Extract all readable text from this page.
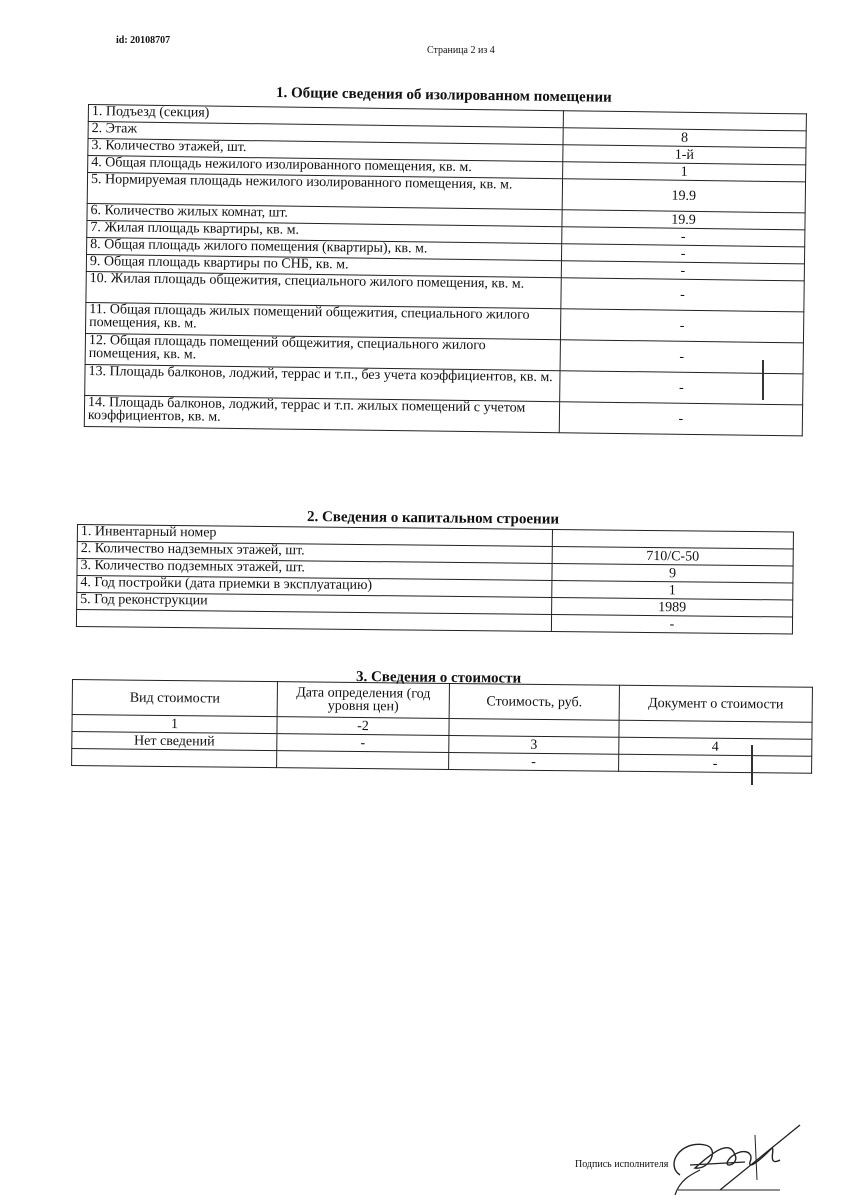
id: 20108707
Страница 2 из 4
1. Общие сведения об изолированном помещении
1. Подъезд (секция)	
2. Этаж	8
3. Количество этажей, шт.	1-й
4. Общая площадь нежилого изолированного помещения, кв. м.	1
5. Нормируемая площадь нежилого изолированного помещения, кв. м.	19.9
6. Количество жилых комнат, шт.	19.9
7. Жилая площадь квартиры, кв. м.	-
8. Общая площадь жилого помещения (квартиры), кв. м.	-
9. Общая площадь квартиры по СНБ, кв. м.	-
10. Жилая площадь общежития, специального жилого помещения, кв. м.	-
11. Общая площадь жилых помещений общежития, специального жилого помещения, кв. м.	-
12. Общая площадь помещений общежития, специального жилого помещения, кв. м.	-
13. Площадь балконов, лоджий, террас и т.п., без учета коэффициентов, кв. м.	-
14. Площадь балконов, лоджий, террас и т.п. жилых помещений с учетом коэффициентов, кв. м.	-
2. Сведения о капитальном строении
1. Инвентарный номер	
2. Количество надземных этажей, шт.	710/С-50
3. Количество подземных этажей, шт.	9
4. Год постройки (дата приемки в эксплуатацию)	1
5. Год реконструкции	1989
	-
3. Сведения о стоимости
Вид стоимости	Дата определения (год уровня цен)	Стоимость, руб.	Документ о стоимости
1	-2		
Нет сведений	-	3	4
		-	-
Подпись исполнителя
